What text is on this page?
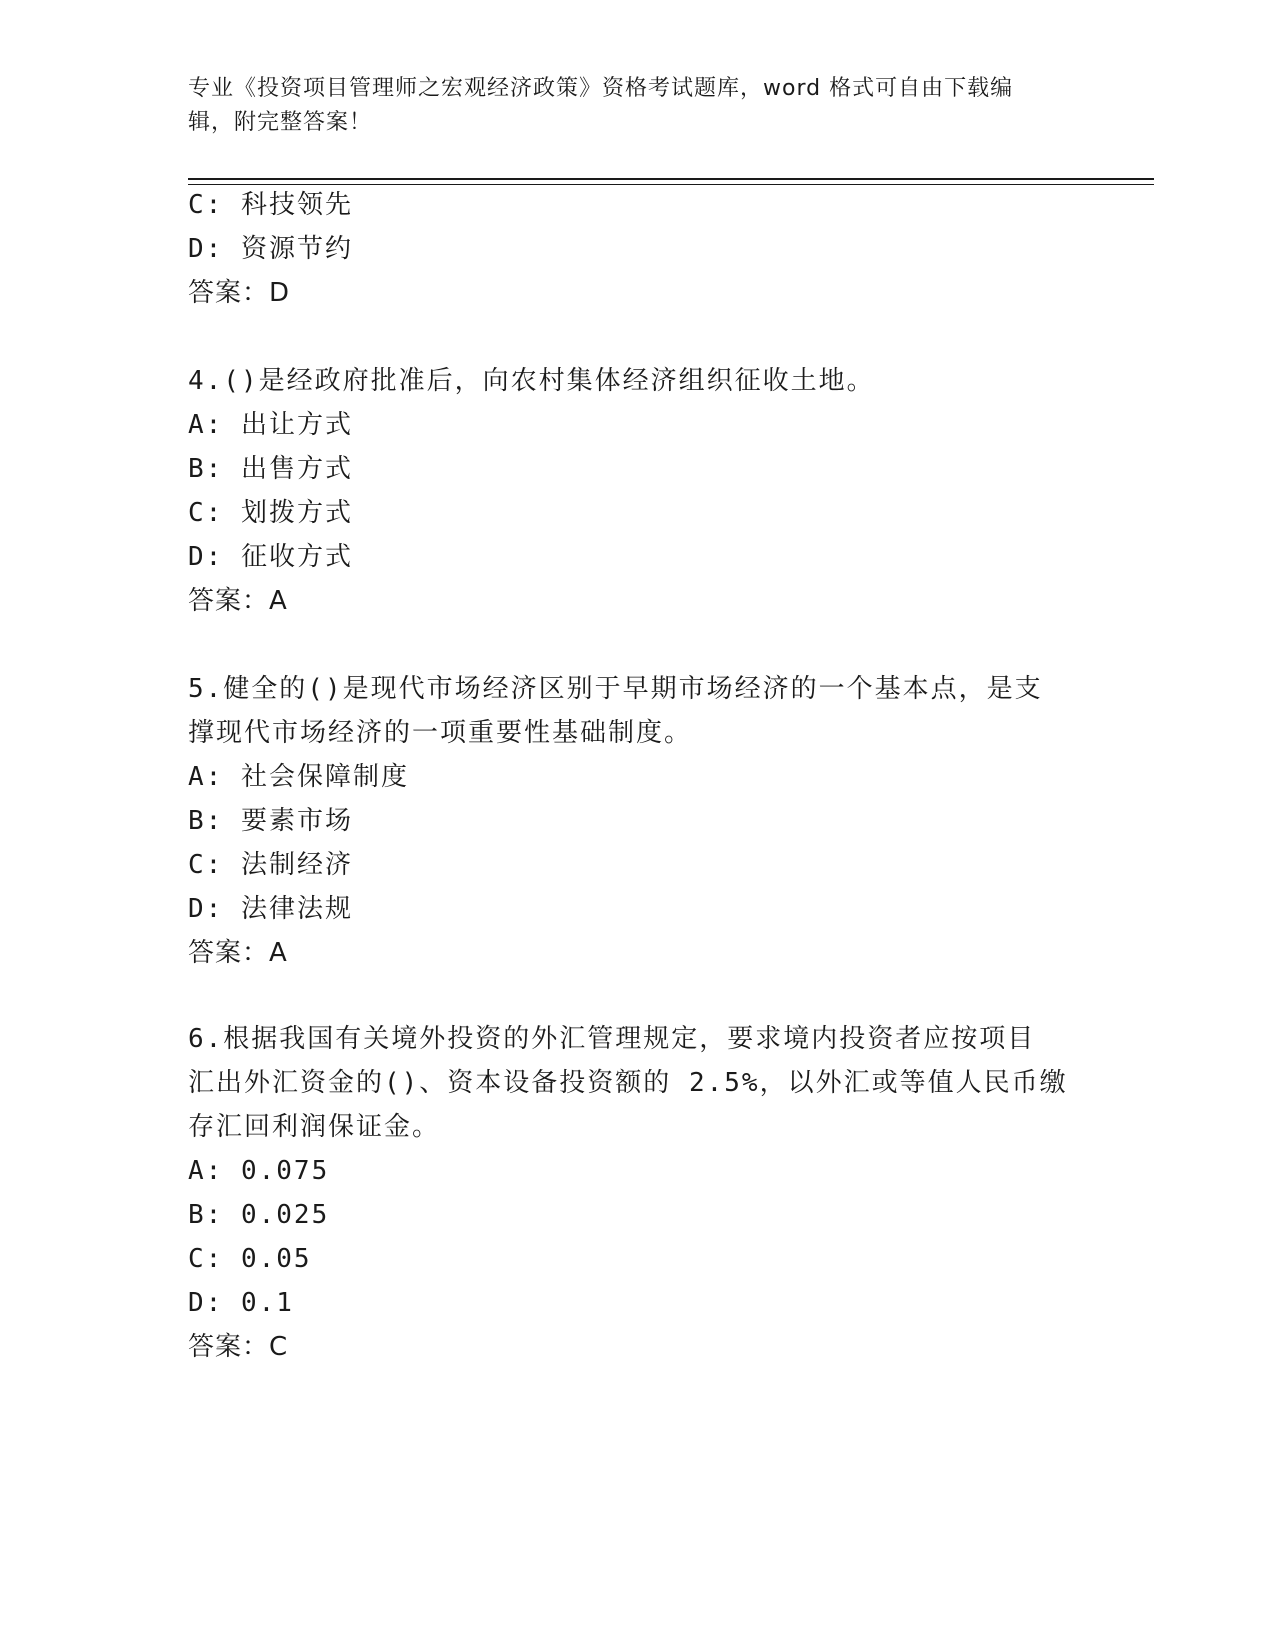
专业《投资项目管理师之宏观经济政策》资格考试题库，word 格式可自由下载编
辑，附完整答案！
C: 科技领先
D: 资源节约
答案：D
4.()是经政府批准后，向农村集体经济组织征收土地。
A: 出让方式
B: 出售方式
C: 划拨方式
D: 征收方式
答案：A
5.健全的()是现代市场经济区别于早期市场经济的一个基本点，是支
撑现代市场经济的一项重要性基础制度。
A: 社会保障制度
B: 要素市场
C: 法制经济
D: 法律法规
答案：A
6.根据我国有关境外投资的外汇管理规定，要求境内投资者应按项目
汇出外汇资金的()、资本设备投资额的 2.5%，以外汇或等值人民币缴
存汇回利润保证金。
A: 0.075
B: 0.025
C: 0.05
D: 0.1
答案：C
